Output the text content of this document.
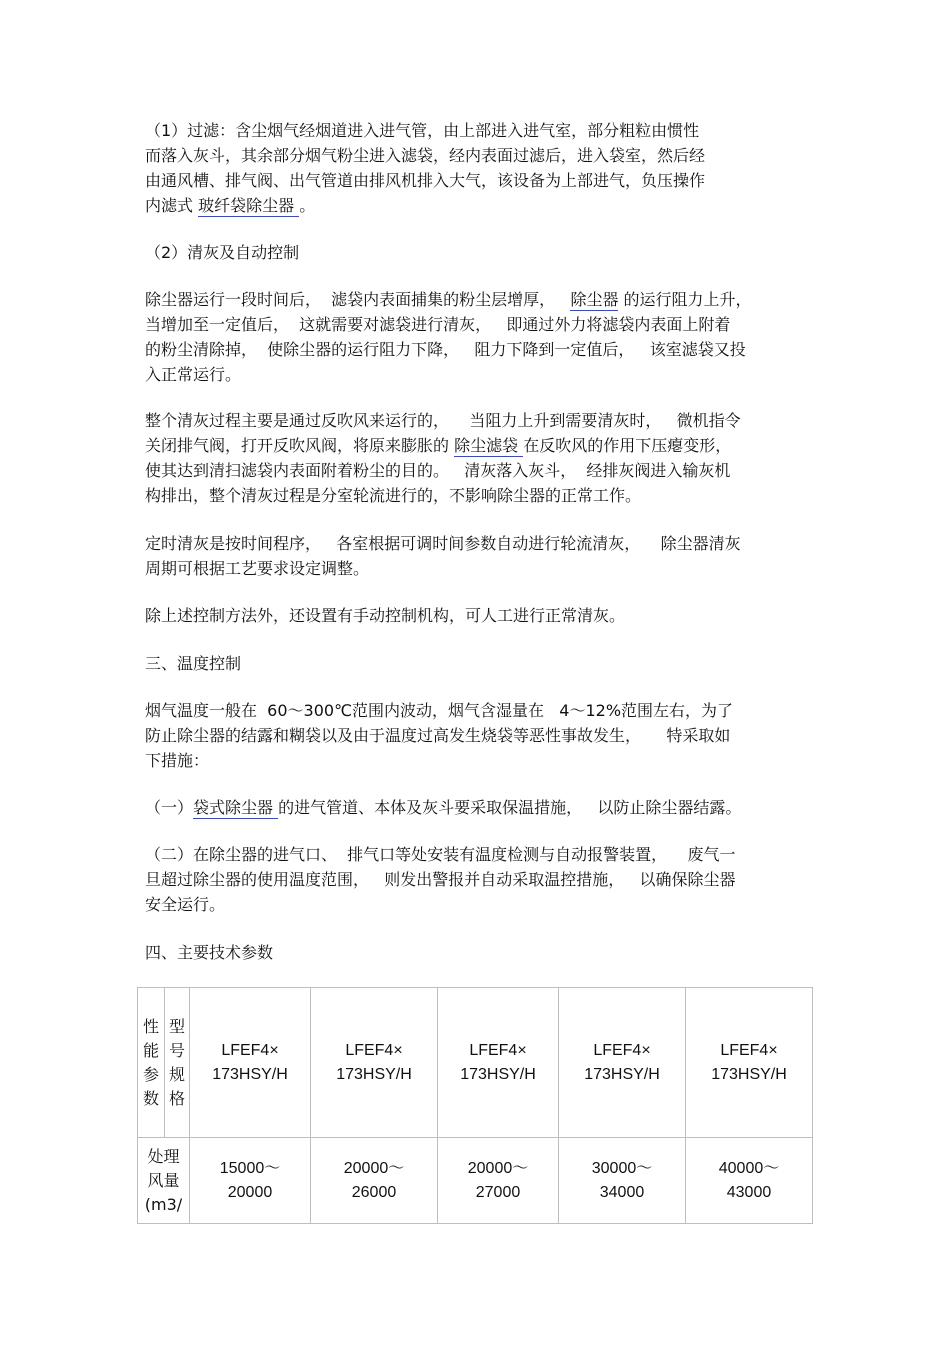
（1）过滤：含尘烟气经烟道进入进气管，由上部进入进气室，部分粗粒由惯性
而落入灰斗，其余部分烟气粉尘进入滤袋，经内表面过滤后，进入袋室，然后经
由通风槽、排气阀、出气管道由排风机排入大气，该设备为上部进气，负压操作
内滤式 玻纤袋除尘器 。
（2）清灰及自动控制
除尘器运行一段时间后，  滤袋内表面捕集的粉尘层增厚，   除尘器 的运行阻力上升，
当增加至一定值后，  这就需要对滤袋进行清灰，   即通过外力将滤袋内表面上附着
的粉尘清除掉，  使除尘器的运行阻力下降，   阻力下降到一定值后，   该室滤袋又投
入正常运行。
整个清灰过程主要是通过反吹风来运行的，    当阻力上升到需要清灰时，   微机指令
关闭排气阀，打开反吹风阀，将原来膨胀的 除尘滤袋 在反吹风的作用下压瘪变形，
使其达到清扫滤袋内表面附着粉尘的目的。   清灰落入灰斗，  经排灰阀进入输灰机
构排出，整个清灰过程是分室轮流进行的，不影响除尘器的正常工作。
定时清灰是按时间程序，   各室根据可调时间参数自动进行轮流清灰，    除尘器清灰
周期可根据工艺要求设定调整。
除上述控制方法外，还设置有手动控制机构，可人工进行正常清灰。
三、温度控制
烟气温度一般在  60～300℃范围内波动，烟气含湿量在   4～12%范围左右，为了
防止除尘器的结露和糊袋以及由于温度过高发生烧袋等恶性事故发生，     特采取如
下措施：
（一）袋式除尘器 的进气管道、本体及灰斗要采取保温措施，   以防止除尘器结露。
（二）在除尘器的进气口、  排气口等处安装有温度检测与自动报警装置，    废气一
旦超过除尘器的使用温度范围，   则发出警报并自动采取温控措施，   以确保除尘器
安全运行。
四、主要技术参数
性
能
参
数	型
号
规
格	LFEF4×
173HSY/H	LFEF4×
173HSY/H	LFEF4×
173HSY/H	LFEF4×
173HSY/H	LFEF4×
173HSY/H

处理
风量
(m3/		15000～
20000	20000～
26000	20000～
27000	30000～
34000	40000～
43000
